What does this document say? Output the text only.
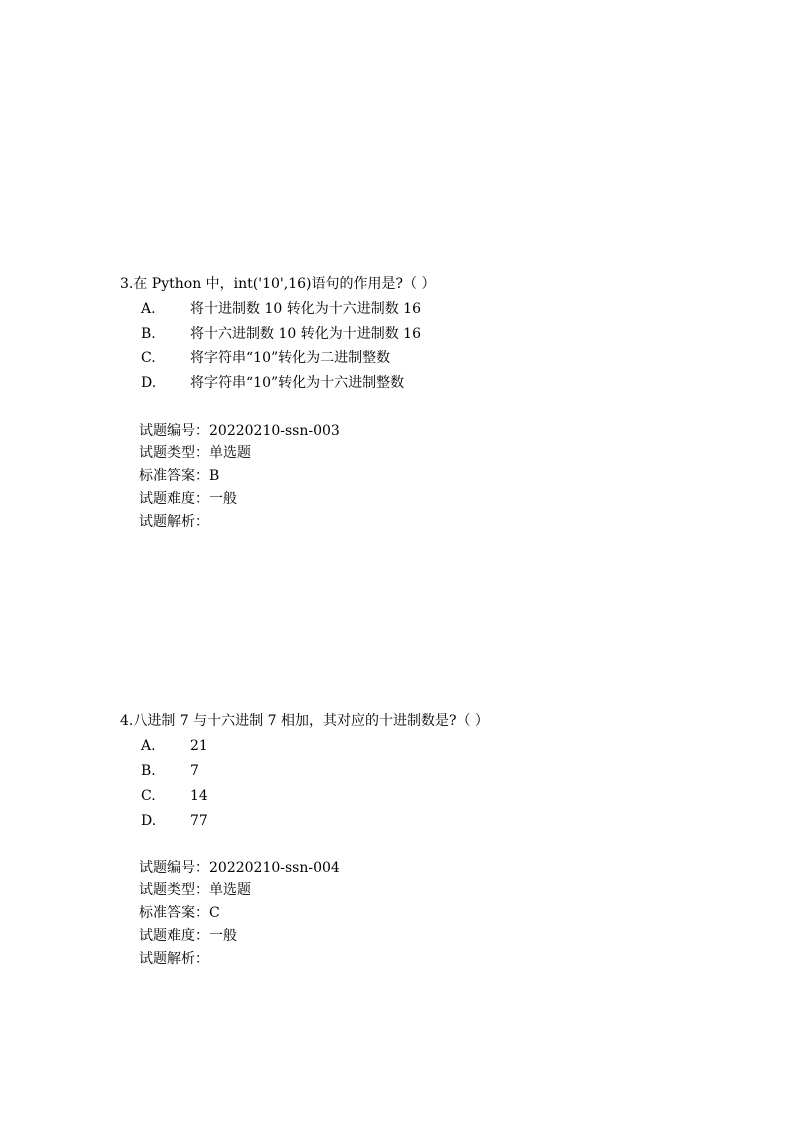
3.在 Python 中，int('10',16)语句的作用是?（ ）
A. 将十进制数 10 转化为十六进制数 16
B. 将十六进制数 10 转化为十进制数 16
C. 将字符串“10”转化为二进制整数
D. 将字符串“10”转化为十六进制整数
试题编号：20220210-ssn-003
试题类型：单选题
标准答案：B
试题难度：一般
试题解析：
4.八进制 7 与十六进制 7 相加，其对应的十进制数是?（ ）
A. 21
B. 7
C. 14
D. 77
试题编号：20220210-ssn-004
试题类型：单选题
标准答案：C
试题难度：一般
试题解析：
